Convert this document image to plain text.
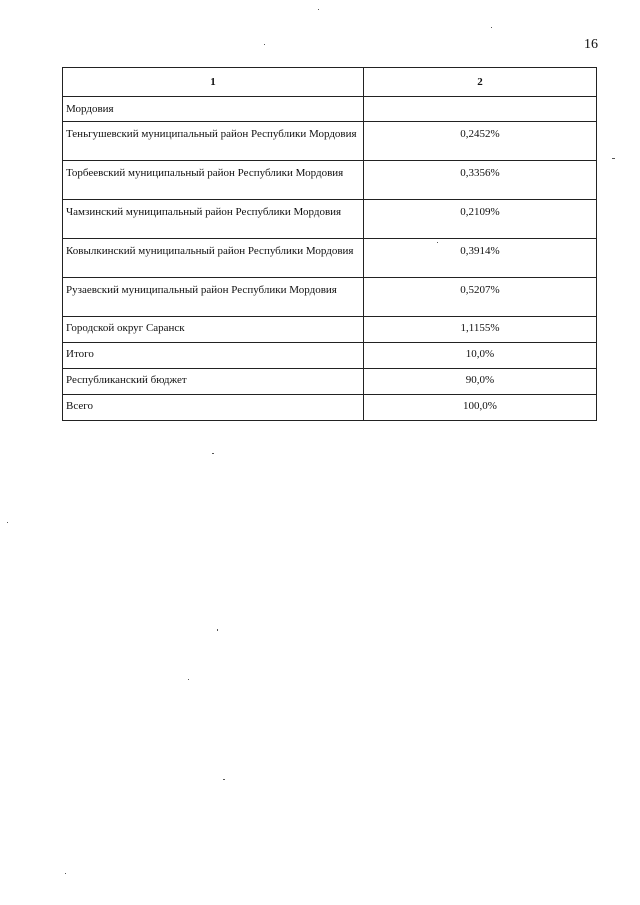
16
1	2
Мордовия	
Теньгушевский муниципальный район Республики Мордовия	0,2452%
Торбеевский муниципальный район Республики Мордовия	0,3356%
Чамзинский муниципальный район Республики Мордовия	0,2109%
Ковылкинский муниципальный район Республики Мордовия	0,3914%
Рузаевский муниципальный район Республики Мордовия	0,5207%
Городской округ Саранск	1,1155%
Итого	10,0%
Республиканский бюджет	90,0%
Всего	100,0%
